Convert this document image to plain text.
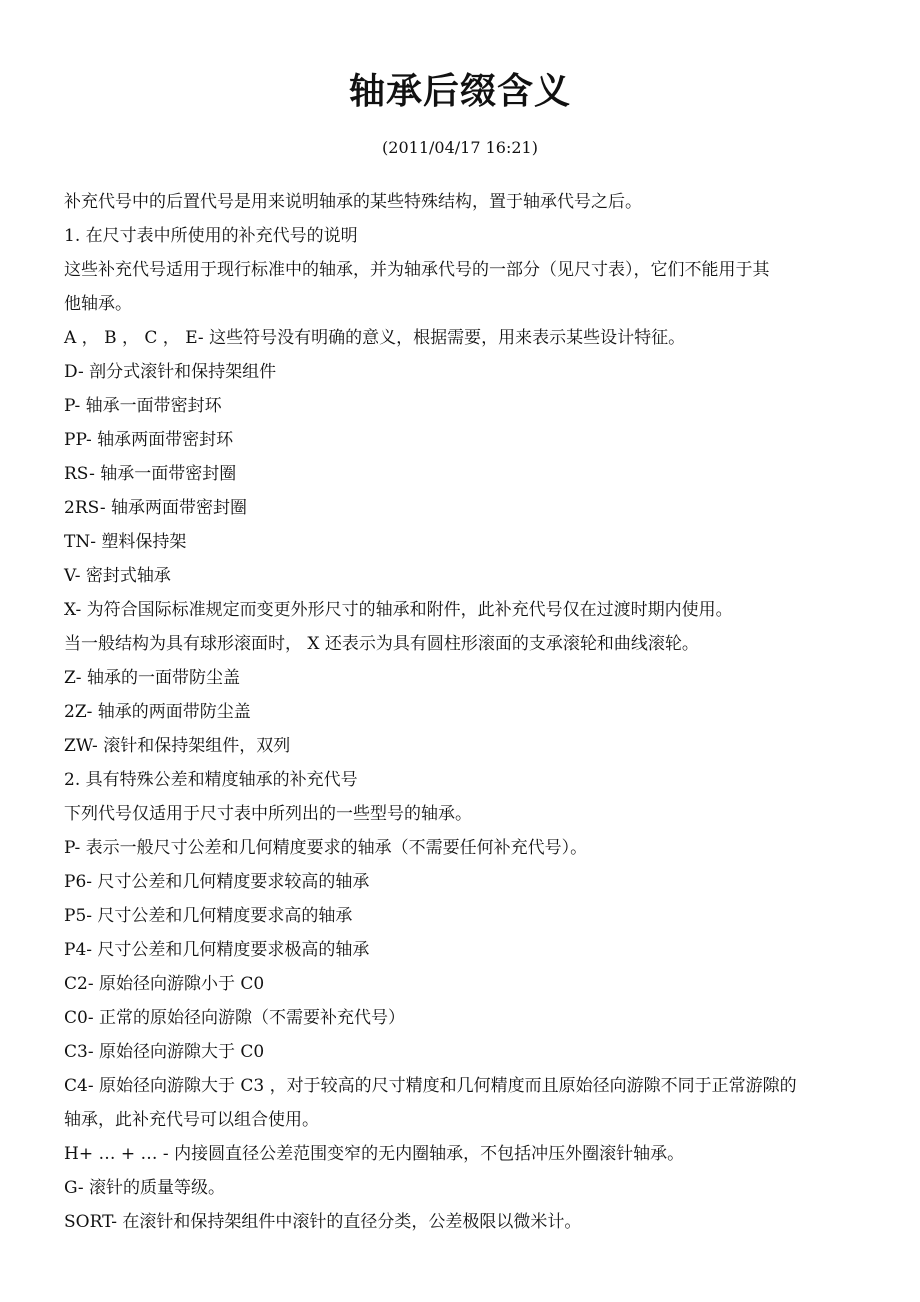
轴承后缀含义
(2011/04/17 16:21)

补充代号中的后置代号是用来说明轴承的某些特殊结构，置于轴承代号之后。

1. 在尺寸表中所使用的补充代号的说明

这些补充代号适用于现行标准中的轴承，并为轴承代号的一部分（见尺寸表），它们不能用于其

他轴承。

A ， B ， C ， E- 这些符号没有明确的意义，根据需要，用来表示某些设计特征。

D- 剖分式滚针和保持架组件

P- 轴承一面带密封环

PP- 轴承两面带密封环

RS- 轴承一面带密封圈

2RS- 轴承两面带密封圈

TN- 塑料保持架

V- 密封式轴承

X- 为符合国际标准规定而变更外形尺寸的轴承和附件，此补充代号仅在过渡时期内使用。

当一般结构为具有球形滚面时， X 还表示为具有圆柱形滚面的支承滚轮和曲线滚轮。

Z- 轴承的一面带防尘盖

2Z- 轴承的两面带防尘盖

ZW- 滚针和保持架组件，双列

2. 具有特殊公差和精度轴承的补充代号

下列代号仅适用于尺寸表中所列出的一些型号的轴承。

P- 表示一般尺寸公差和几何精度要求的轴承（不需要任何补充代号）。

P6- 尺寸公差和几何精度要求较高的轴承

P5- 尺寸公差和几何精度要求高的轴承

P4- 尺寸公差和几何精度要求极高的轴承

C2- 原始径向游隙小于 C0

C0- 正常的原始径向游隙（不需要补充代号）

C3- 原始径向游隙大于 C0

C4- 原始径向游隙大于 C3 ，对于较高的尺寸精度和几何精度而且原始径向游隙不同于正常游隙的

轴承，此补充代号可以组合使用。

H+ … + … - 内接圆直径公差范围变窄的无内圈轴承，不包括冲压外圈滚针轴承。

G- 滚针的质量等级。

SORT- 在滚针和保持架组件中滚针的直径分类，公差极限以微米计。
